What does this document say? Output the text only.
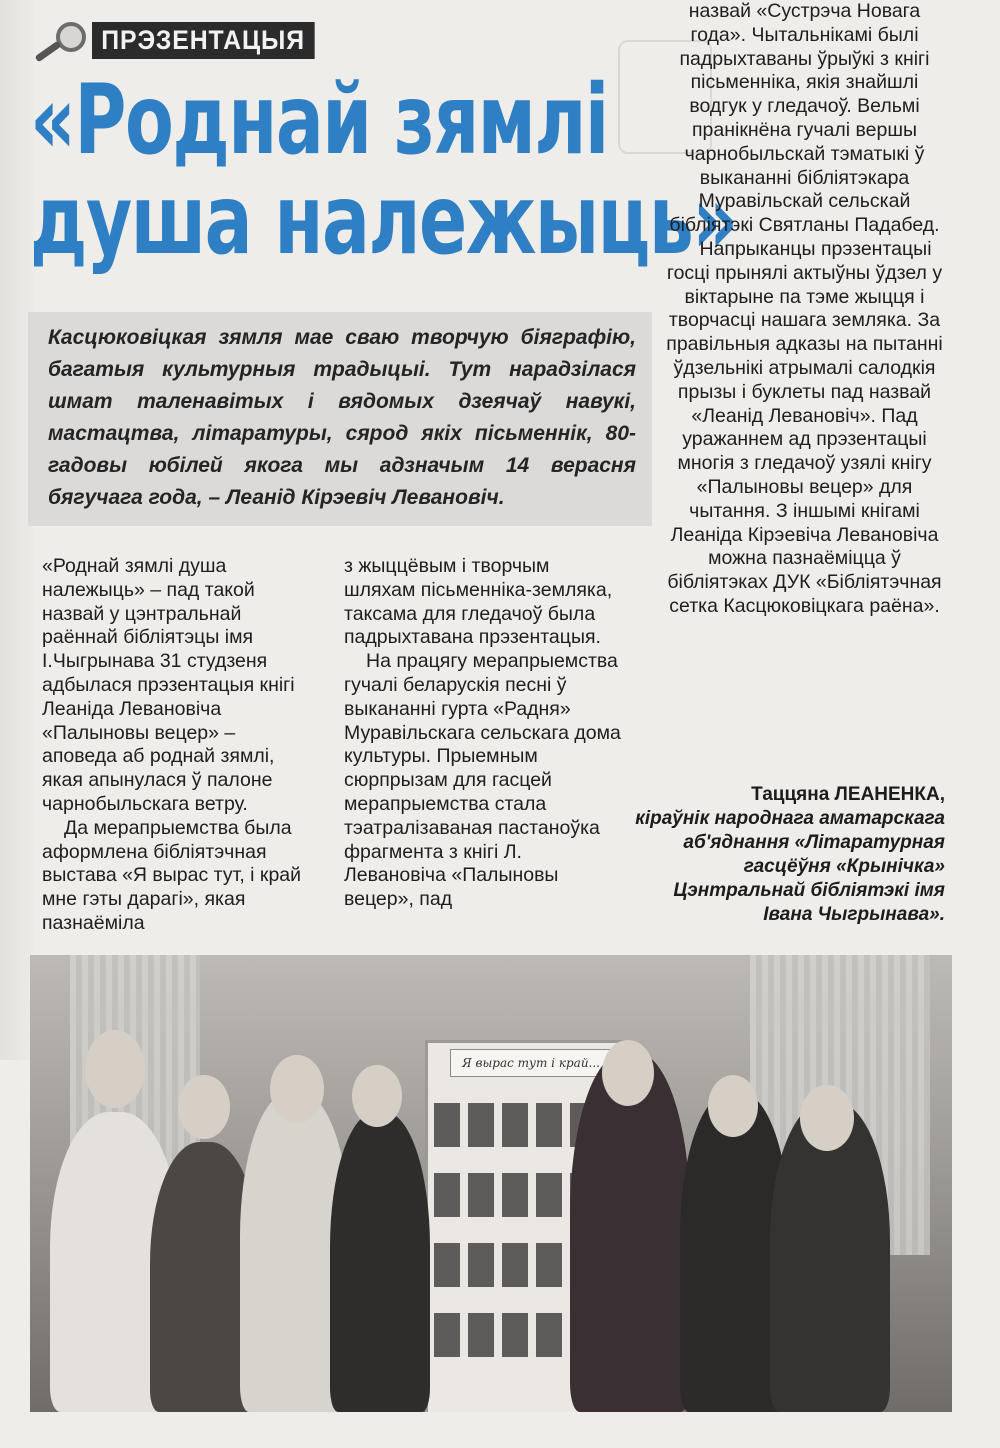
ПРЭЗЕНТАЦЫЯ
«Роднай зямлі
душа належыць»
Касцюковіцкая зямля мае сваю творчую біяграфію, багатыя культурныя традыцыі. Тут нарадзілася шмат таленавітых і вядомых дзеячаў навукі, мастацтва, літаратуры, сярод якіх пісьменнік, 80-гадовы юбілей якога мы адзначым 14 верасня бягучага года, – Леанід Кірэевіч Левановіч.

«Роднай зямлі душа належыць» – пад такой назвай у цэнтральнай раённай бібліятэцы імя І.Чыгрынава 31 студзеня адбылася прэзентацыя кнігі Леаніда Левановіча «Палыновы вецер» – аповеда аб роднай зямлі, якая апынулася ў палоне чарнобыльскага ветру.

Да мерапрыемства была аформлена бібліятэчная выстава «Я вырас тут, і край мне гэты дарагі», якая пазнаёміла

з жыццёвым і творчым шляхам пісьменніка-земляка, таксама для гледачоў была падрыхтавана прэзентацыя.

На працягу мерапрыемства гучалі беларускія песні ў выкананні гурта «Радня» Муравільскага сельскага дома культуры. Прыемным сюрпрызам для гасцей мерапрыемства стала тэатралізаваная пастаноўка фрагмента з кнігі Л. Левановіча «Палыновы вецер», пад

назвай «Сустрэча Новага года». Чытальнікамі былі падрыхтаваны ўрыўкі з кнігі пісьменніка, якія знайшлі водгук у гледачоў. Вельмі пранікнёна гучалі вершы чарнобыльскай тэматыкі ў выкананні бібліятэкара Муравільскай сельскай бібліятэкі Святланы Падабед.

Напрыканцы прэзентацыі госці прынялі актыўны ўдзел у віктарыне па тэме жыцця і творчасці нашага земляка. За правільныя адказы на пытанні ўдзельнікі атрымалі салодкія прызы і буклеты пад назвай «Леанід Левановіч». Пад уражаннем ад прэзентацыі многія з гледачоў узялі кнігу «Палыновы вецер» для чытання. З іншымі кнігамі Леаніда Кірэевіча Левановіча можна пазнаёміцца ў бібліятэках ДУК «Бібліятэчная сетка Касцюковіцкага раёна».

Таццяна ЛЕАНЕНКА,
кіраўнік народнага аматарскага аб'яднання «Літаратурная гасцёўня «Крынічка» Цэнтральнай бібліятэкі імя Івана Чыгрынава».
Я вырас тут і край...
